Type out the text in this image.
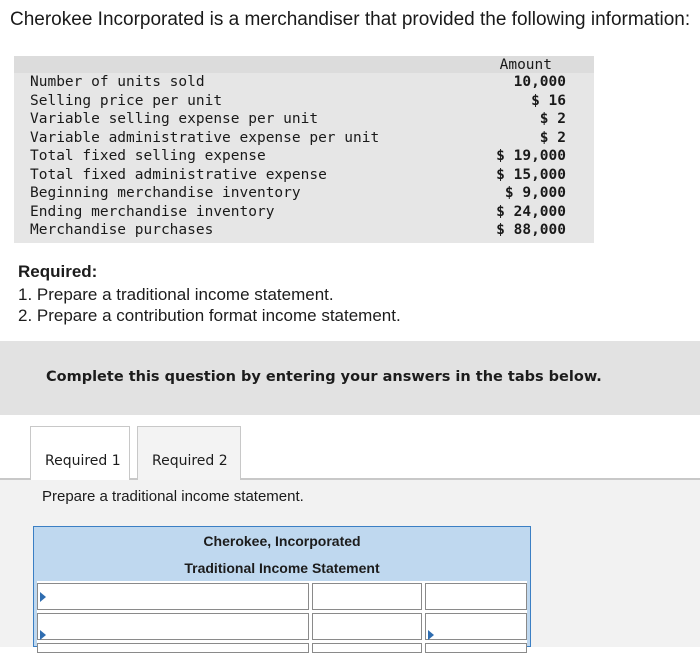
Cherokee Incorporated is a merchandiser that provided the following information:
Amount
Number of units sold	10,000
Selling price per unit	$ 16
Variable selling expense per unit	$ 2
Variable administrative expense per unit	$ 2
Total fixed selling expense	$ 19,000
Total fixed administrative expense	$ 15,000
Beginning merchandise inventory	$ 9,000
Ending merchandise inventory	$ 24,000
Merchandise purchases	$ 88,000
Required:
1. Prepare a traditional income statement.
2. Prepare a contribution format income statement.
Complete this question by entering your answers in the tabs below.
Required 1 Required 2
Prepare a traditional income statement.
Cherokee, Incorporated
Traditional Income Statement
